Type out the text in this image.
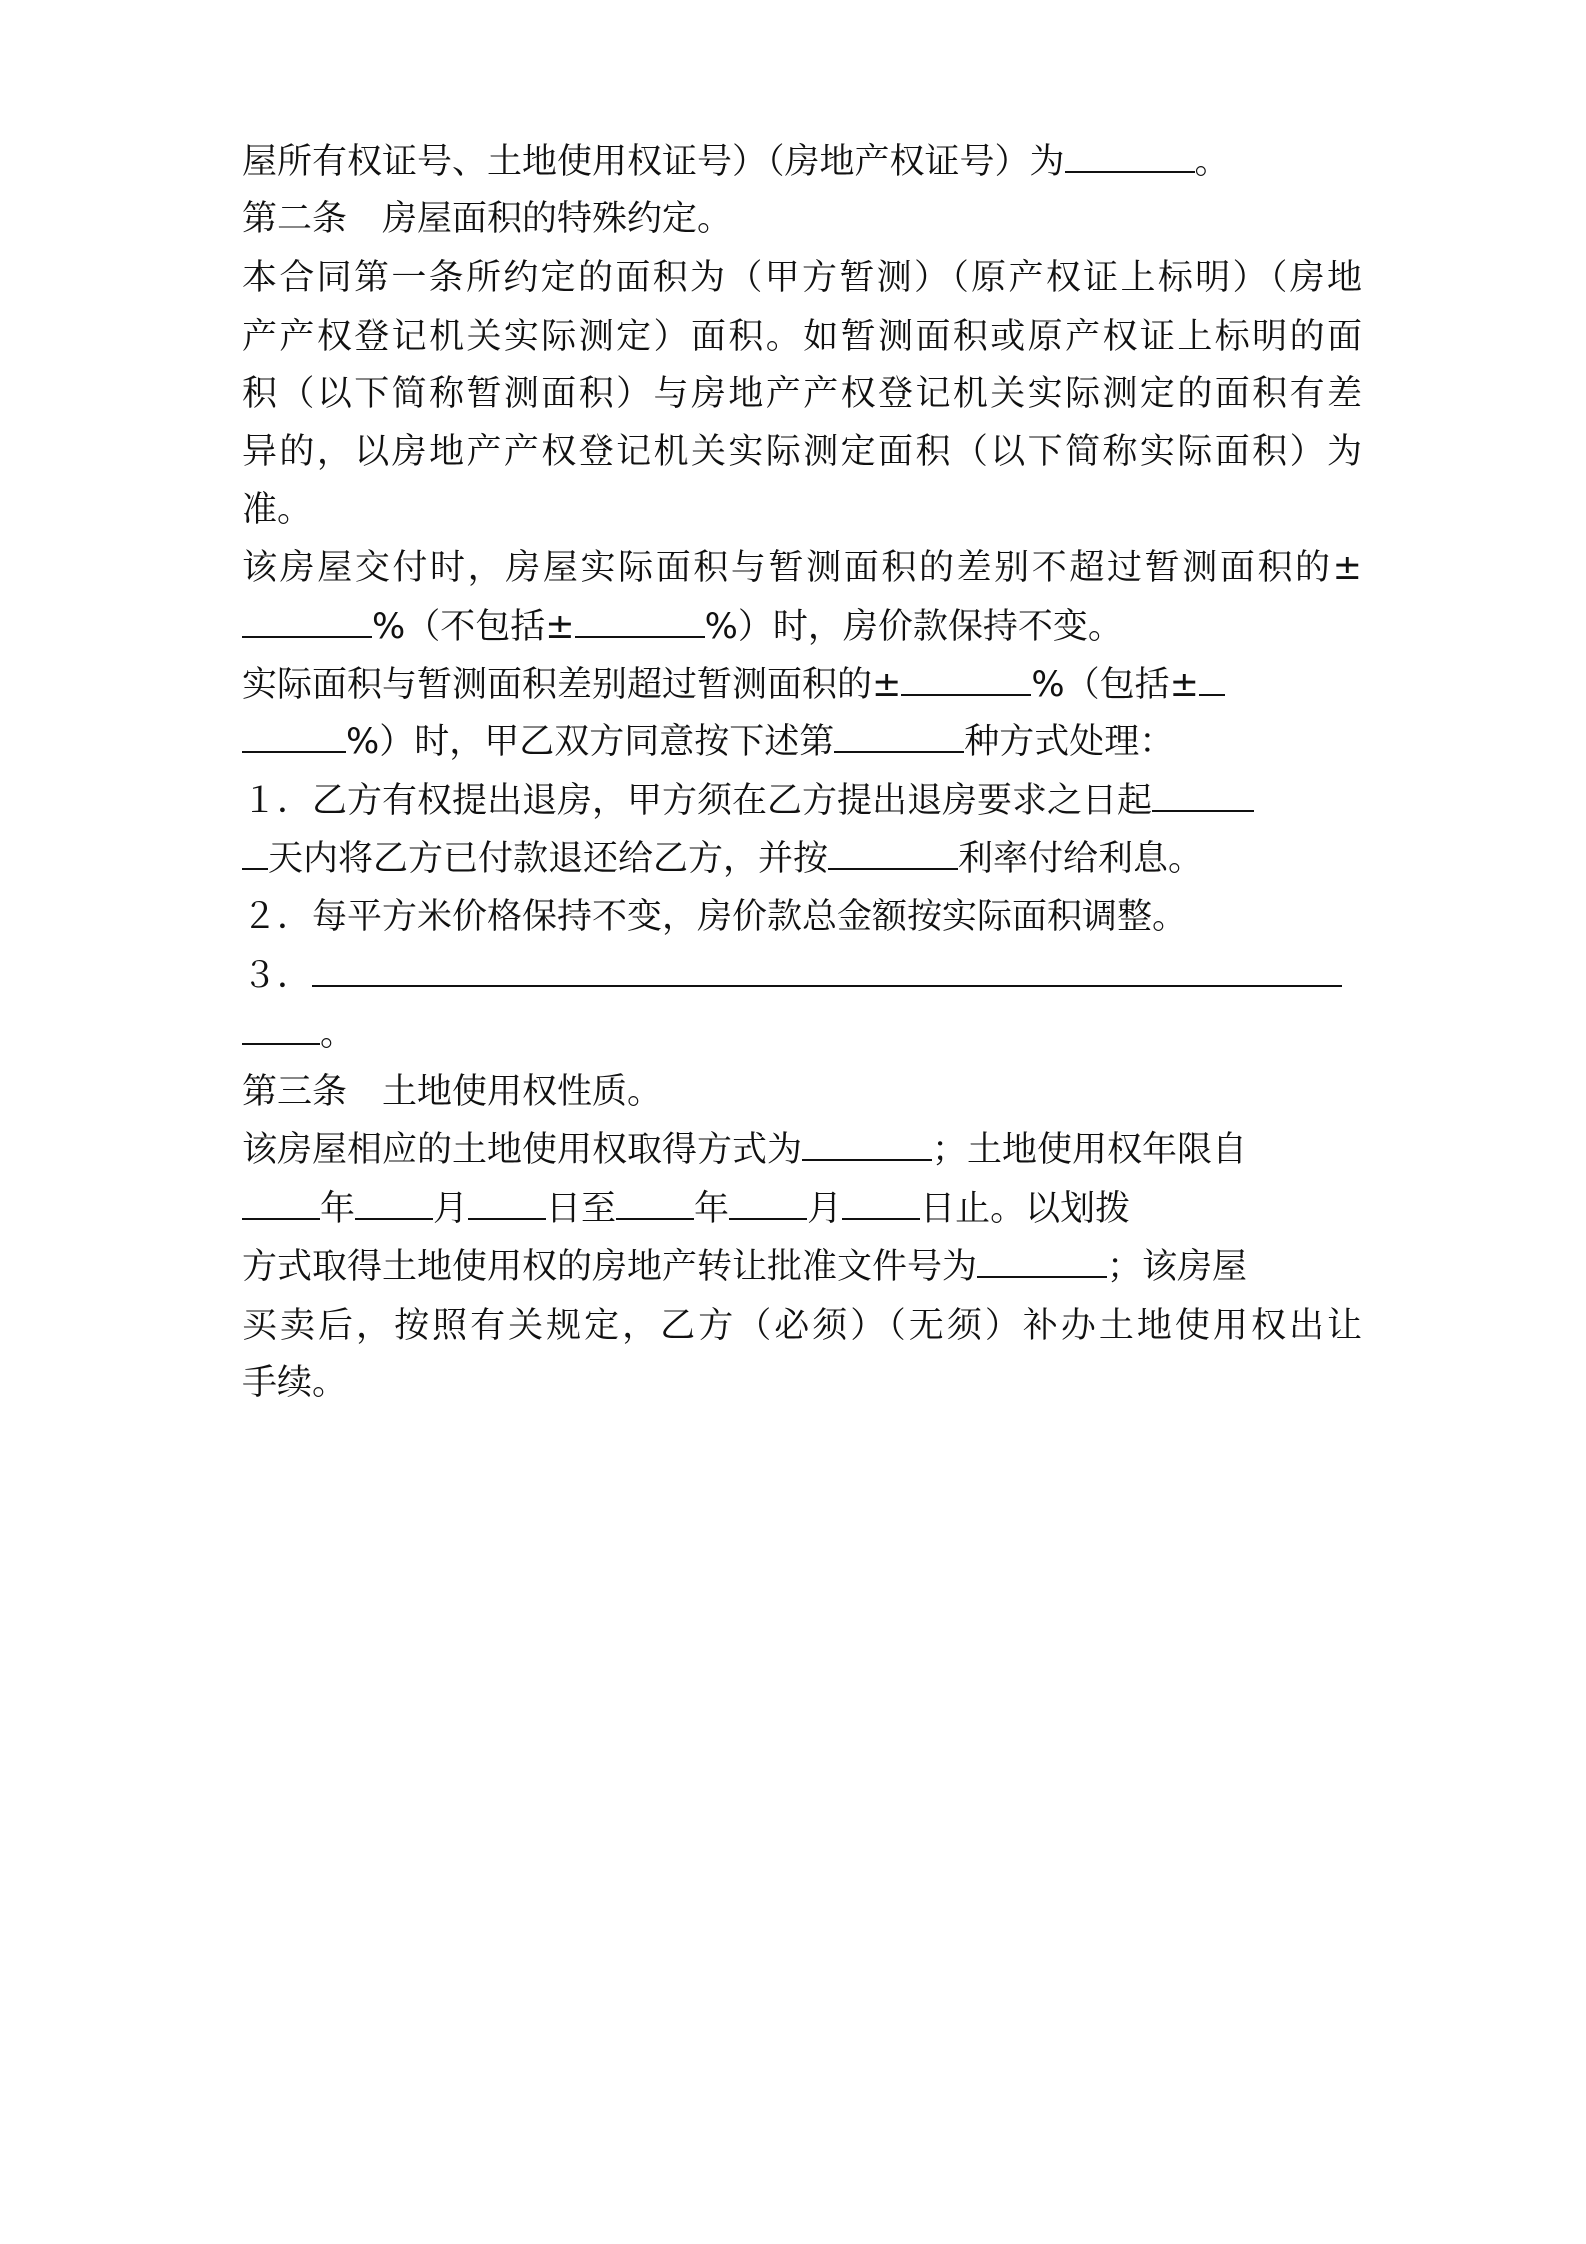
屋所有权证号、土地使用权证号）（房地产权证号）为	。
第二条　房屋面积的特殊约定。
本合同第一条所约定的面积为（甲方暂测）（原产权证上标明）（房地
产产权登记机关实际测定）面积。如暂测面积或原产权证上标明的面
积（以下简称暂测面积）与房地产产权登记机关实际测定的面积有差
异的，以房地产产权登记机关实际测定面积（以下简称实际面积）为
准。
该房屋交付时，房屋实际面积与暂测面积的差别不超过暂测面积的±
%（不包括±	%）时，房价款保持不变。
实际面积与暂测面积差别超过暂测面积的±	%（包括±
%）时，甲乙双方同意按下述第	种方式处理：
１．乙方有权提出退房，甲方须在乙方提出退房要求之日起
天内将乙方已付款退还给乙方，并按	利率付给利息。
２．每平方米价格保持不变，房价款总金额按实际面积调整。
３．
。
第三条　土地使用权性质。
该房屋相应的土地使用权取得方式为	；土地使用权年限自
年 月 日至 年 月 日止。以划拨
方式取得土地使用权的房地产转让批准文件号为	；该房屋
买卖后，按照有关规定，乙方（必须）（无须）补办土地使用权出让
手续。
